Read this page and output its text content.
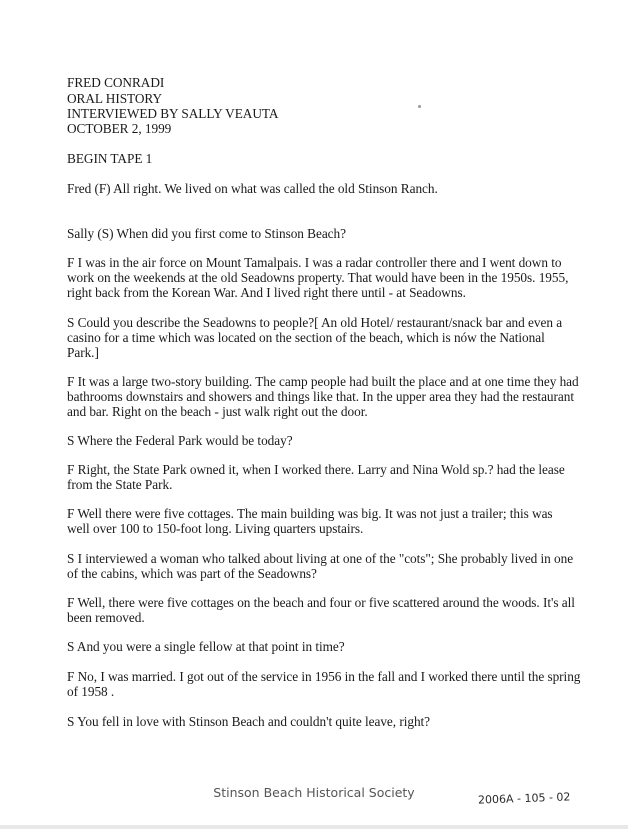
FRED CONRADI
ORAL HISTORY
INTERVIEWED BY SALLY VEAUTA
OCTOBER 2, 1999
BEGIN TAPE 1
Fred (F) All right. We lived on what was called the old Stinson Ranch.
Sally (S) When did you first come to Stinson Beach?
F I was in the air force on Mount Tamalpais. I was a radar controller there and I went down to
work on the weekends at the old Seadowns property. That would have been in the 1950s. 1955,
right back from the Korean War. And I lived right there until - at Seadowns.
S Could you describe the Seadowns to people?[ An old Hotel/ restaurant/snack bar and even a
casino for a time which was located on the section of the beach, which is nów the National
Park.]
F It was a large two-story building. The camp people had built the place and at one time they had
bathrooms downstairs and showers and things like that. In the upper area they had the restaurant
and bar. Right on the beach - just walk right out the door.
S Where the Federal Park would be today?
F Right, the State Park owned it, when I worked there. Larry and Nina Wold sp.? had the lease
from the State Park.
F Well there were five cottages. The main building was big. It was not just a trailer; this was
well over 100 to 150-foot long. Living quarters upstairs.
S I interviewed a woman who talked about living at one of the "cots"; She probably lived in one
of the cabins, which was part of the Seadowns?
F Well, there were five cottages on the beach and four or five scattered around the woods. It's all
been removed.
S And you were a single fellow at that point in time?
F No, I was married. I got out of the service in 1956 in the fall and I worked there until the spring
of 1958 .
S You fell in love with Stinson Beach and couldn't quite leave, right?
Stinson Beach Historical Society	2006A - 105 - 02
